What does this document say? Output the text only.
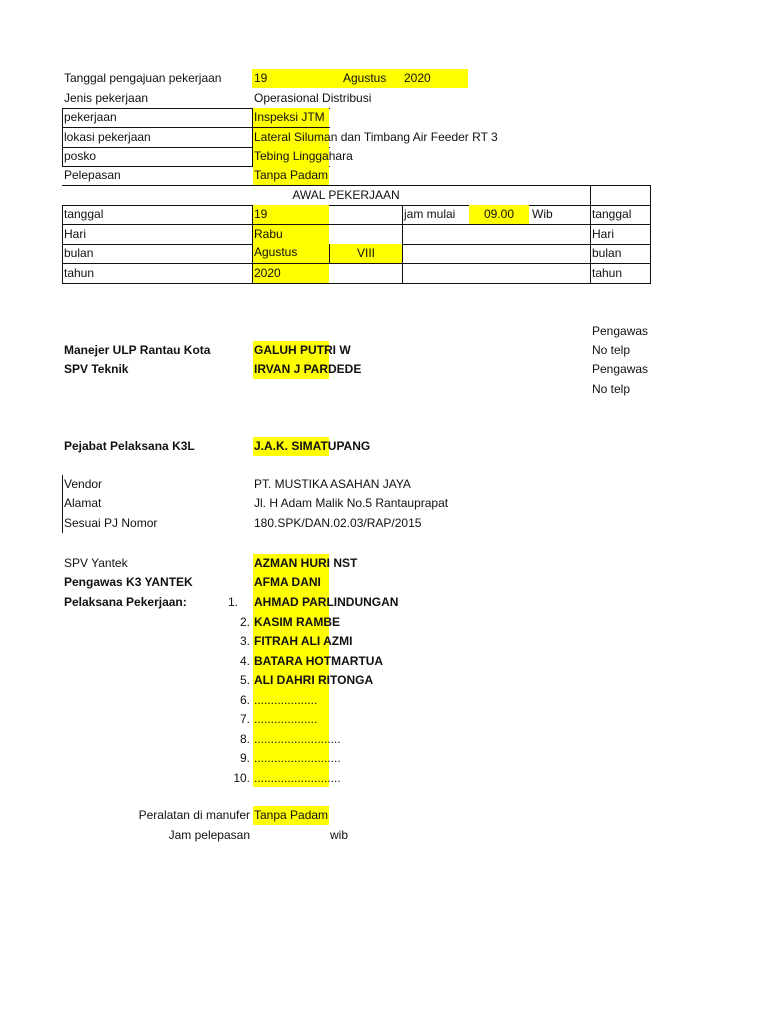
Tanggal pengajuan pekerjaan	19	Agustus 2020
Jenis pekerjaan	Operasional Distribusi
pekerjaan	Inspeksi JTM
lokasi pekerjaan	Lateral Siluman dan Timbang Air Feeder RT 3
posko	Tebing Linggahara
Pelepasan	Tanpa Padam
AWAL PEKERJAAN
tanggal	19	jam mulai	09.00	Wib	tanggal
Hari	Rabu	Hari
bulan	Agustus	VIII	bulan
tahun	2020	tahun
Pengawas
Manejer ULP Rantau Kota	GALUH PUTRI W	No telp
SPV Teknik	IRVAN J PARDEDE	Pengawas
No telp
Pejabat Pelaksana K3L	J.A.K. SIMATUPANG
Vendor	PT. MUSTIKA ASAHAN JAYA
Alamat	Jl. H Adam Malik No.5 Rantauprapat
Sesuai PJ Nomor	180.SPK/DAN.02.03/RAP/2015
SPV Yantek	AZMAN HURI NST
Pengawas K3 YANTEK	AFMA DANI
Pelaksana Pekerjaan:	1. AHMAD PARLINDUNGAN
2. KASIM RAMBE
3. FITRAH ALI AZMI
4. BATARA HOTMARTUA
5. ALI DAHRI RITONGA
6. ...................
7. ...................
8. ..........................
9. ..........................
10. ..........................
Peralatan di manufer Tanpa Padam
Jam pelepasan	wib
